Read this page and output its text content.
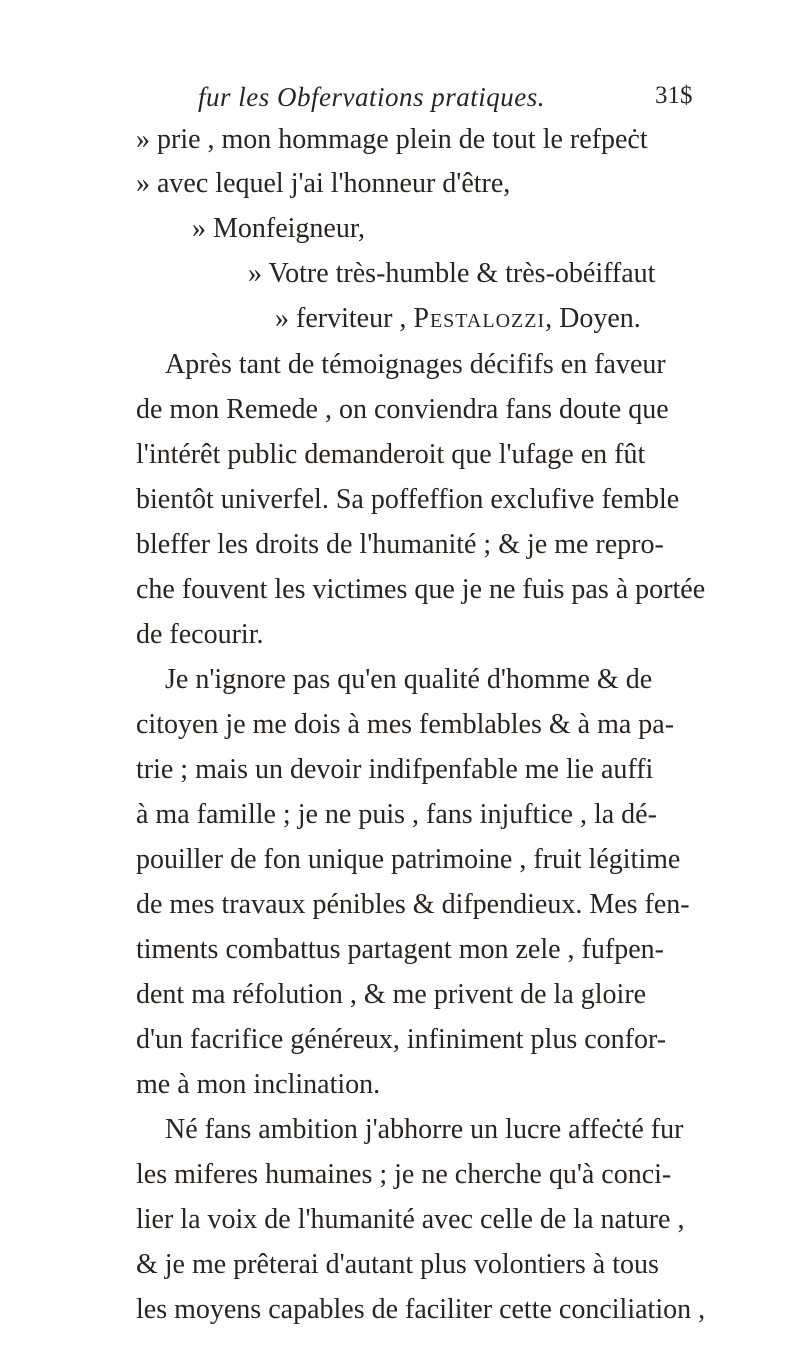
fur les Obfervations pratiques.	31$
» prie , mon hommage plein de tout le refpeċt
» avec lequel j'ai l'honneur d'être,
» Monfeigneur,
» Votre très-humble & très-obéiffaut
» ferviteur , Pestalozzi, Doyen.
Après tant de témoignages décififs en faveur
de mon Remede , on conviendra fans doute que
l'intérêt public demanderoit que l'ufage en fût
bientôt univerfel. Sa poffeffion exclufive femble
bleffer les droits de l'humanité ; & je me repro-
che fouvent les victimes que je ne fuis pas à portée
de fecourir.
Je n'ignore pas qu'en qualité d'homme & de
citoyen je me dois à mes femblables & à ma pa-
trie ; mais un devoir indifpenfable me lie auffi
à ma famille ; je ne puis , fans injuftice , la dé-
pouiller de fon unique patrimoine , fruit légitime
de mes travaux pénibles & difpendieux. Mes fen-
timents combattus partagent mon zele , fufpen-
dent ma réfolution , & me privent de la gloire
d'un facrifice généreux, infiniment plus confor-
me à mon inclination.
Né fans ambition j'abhorre un lucre affeċté fur
les miferes humaines ; je ne cherche qu'à conci-
lier la voix de l'humanité avec celle de la nature ,
& je me prêterai d'autant plus volontiers à tous
les moyens capables de faciliter cette conciliation ,
